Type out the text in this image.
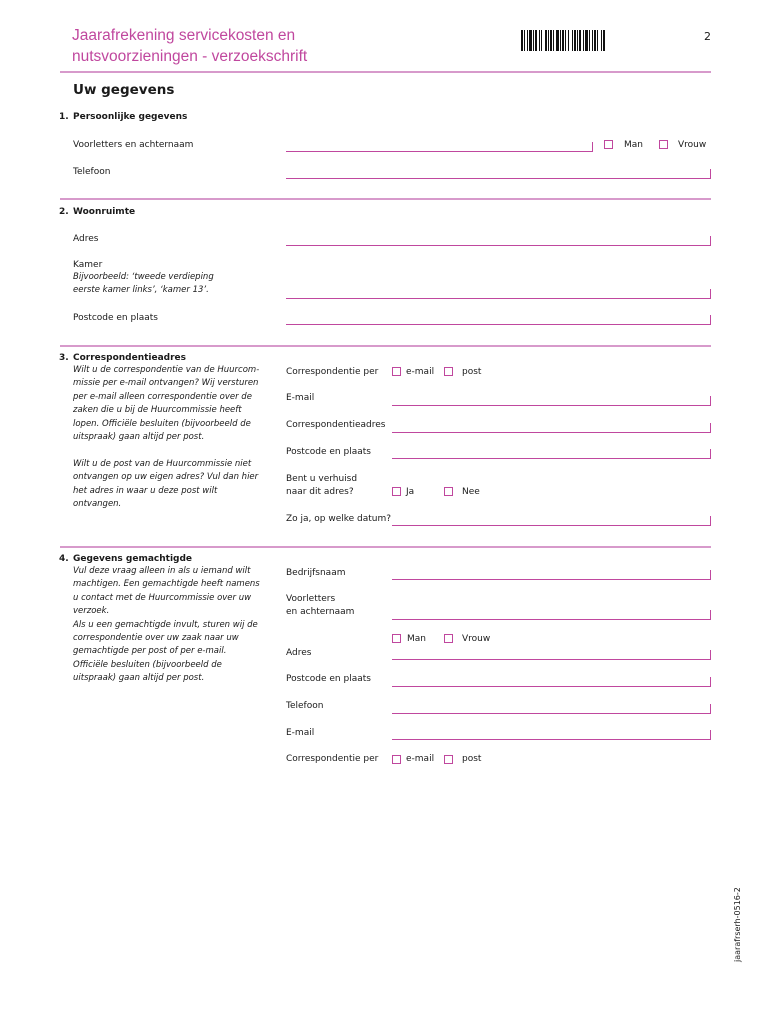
Jaarafrekening servicekosten en
nutsvoorzieningen - verzoekschrift
2
Uw gegevens
1. Persoonlijke gegevens
Voorletters en achternaam	Man	Vrouw
Telefoon
2. Woonruimte
Adres
Kamer
Bijvoorbeeld: ‘tweede verdieping
eerste kamer links’, ‘kamer 13’.
Postcode en plaats
3. Correspondentieadres
Wilt u de correspondentie van de Huurcom-
missie per e-mail ontvangen? Wij versturen
per e-mail alleen correspondentie over de
zaken die u bij de Huurcommissie heeft
lopen. Officiële besluiten (bijvoorbeeld de
uitspraak) gaan altijd per post.
Wilt u de post van de Huurcommissie niet
ontvangen op uw eigen adres? Vul dan hier
het adres in waar u deze post wilt
ontvangen.
Correspondentie per	e-mail	post
E-mail
Correspondentieadres
Postcode en plaats
Bent u verhuisd
naar dit adres?	Ja	Nee
Zo ja, op welke datum?
4. Gegevens gemachtigde
Vul deze vraag alleen in als u iemand wilt
machtigen. Een gemachtigde heeft namens
u contact met de Huurcommissie over uw
verzoek.
Als u een gemachtigde invult, sturen wij de
correspondentie over uw zaak naar uw
gemachtigde per post of per e-mail.
Officiële besluiten (bijvoorbeeld de
uitspraak) gaan altijd per post.
Bedrijfsnaam
Voorletters
en achternaam
Man	Vrouw
Adres
Postcode en plaats
Telefoon
E-mail
Correspondentie per	e-mail	post
jaarafrserh-0516-2
